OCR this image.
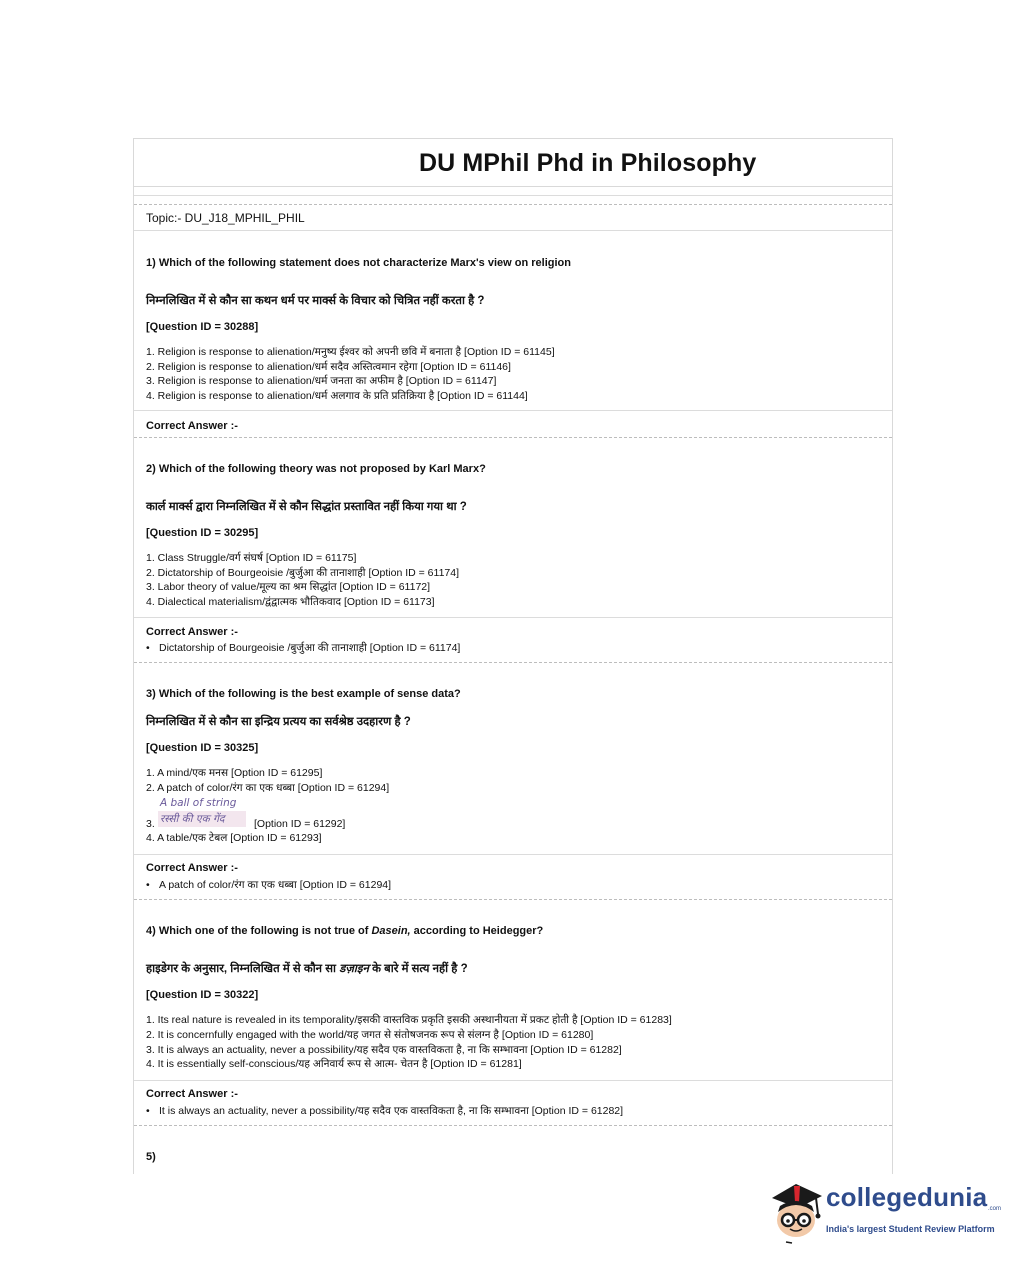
DU MPhil Phd in Philosophy
Topic:- DU_J18_MPHIL_PHIL
1) Which of the following statement does not characterize Marx's view on religion
निम्नलिखित में से कौन सा कथन धर्म पर मार्क्स के विचार को चित्रित नहीं करता है ?
[Question ID = 30288]
1. Religion is response to alienation/मनुष्य ईश्वर को अपनी छवि में बनाता है [Option ID = 61145]
2. Religion is response to alienation/धर्म सदैव अस्तित्वमान रहेगा [Option ID = 61146]
3. Religion is response to alienation/धर्म जनता का अफीम है [Option ID = 61147]
4. Religion is response to alienation/धर्म अलगाव के प्रति प्रतिक्रिया है [Option ID = 61144]
Correct Answer :-
2) Which of the following theory was not proposed by Karl Marx?
कार्ल मार्क्स द्वारा निम्नलिखित में से कौन सिद्धांत प्रस्तावित नहीं किया गया था ?
[Question ID = 30295]
1. Class Struggle/वर्ग संघर्ष [Option ID = 61175]
2. Dictatorship of Bourgeoisie /बुर्जुआ की तानाशाही [Option ID = 61174]
3. Labor theory of value/मूल्य का श्रम सिद्धांत [Option ID = 61172]
4. Dialectical materialism/द्वंद्वात्मक भौतिकवाद [Option ID = 61173]
Correct Answer :-
• Dictatorship of Bourgeoisie /बुर्जुआ की तानाशाही [Option ID = 61174]
3) Which of the following is the best example of sense data?
निम्नलिखित में से कौन सा इन्द्रिय प्रत्यय का सर्वश्रेष्ठ उदहारण है ?
[Question ID = 30325]
1. A mind/एक मनस [Option ID = 61295]
2. A patch of color/रंग का एक धब्बा [Option ID = 61294]
A ball of string
रस्सी की एक गेंद
3.	[Option ID = 61292]
4. A table/एक टेबल [Option ID = 61293]
Correct Answer :-
• A patch of color/रंग का एक धब्बा [Option ID = 61294]
4) Which one of the following is not true of Dasein, according to Heidegger?
हाइडेगर के अनुसार, निम्नलिखित में से कौन सा डज़ाइन के बारे में सत्य नहीं है ?
[Question ID = 30322]
1. Its real nature is revealed in its temporality/इसकी वास्तविक प्रकृति इसकी अस्थानीयता में प्रकट होती है [Option ID = 61283]
2. It is concernfully engaged with the world/यह जगत से संतोषजनक रूप से संलग्न है [Option ID = 61280]
3. It is always an actuality, never a possibility/यह सदैव एक वास्तविकता है, ना कि सम्भावना [Option ID = 61282]
4. It is essentially self-conscious/यह अनिवार्य रूप से आत्म- चेतन है [Option ID = 61281]
Correct Answer :-
• It is always an actuality, never a possibility/यह सदैव एक वास्तविकता है, ना कि सम्भावना [Option ID = 61282]
5)
collegedunia .com
India's largest Student Review Platform
